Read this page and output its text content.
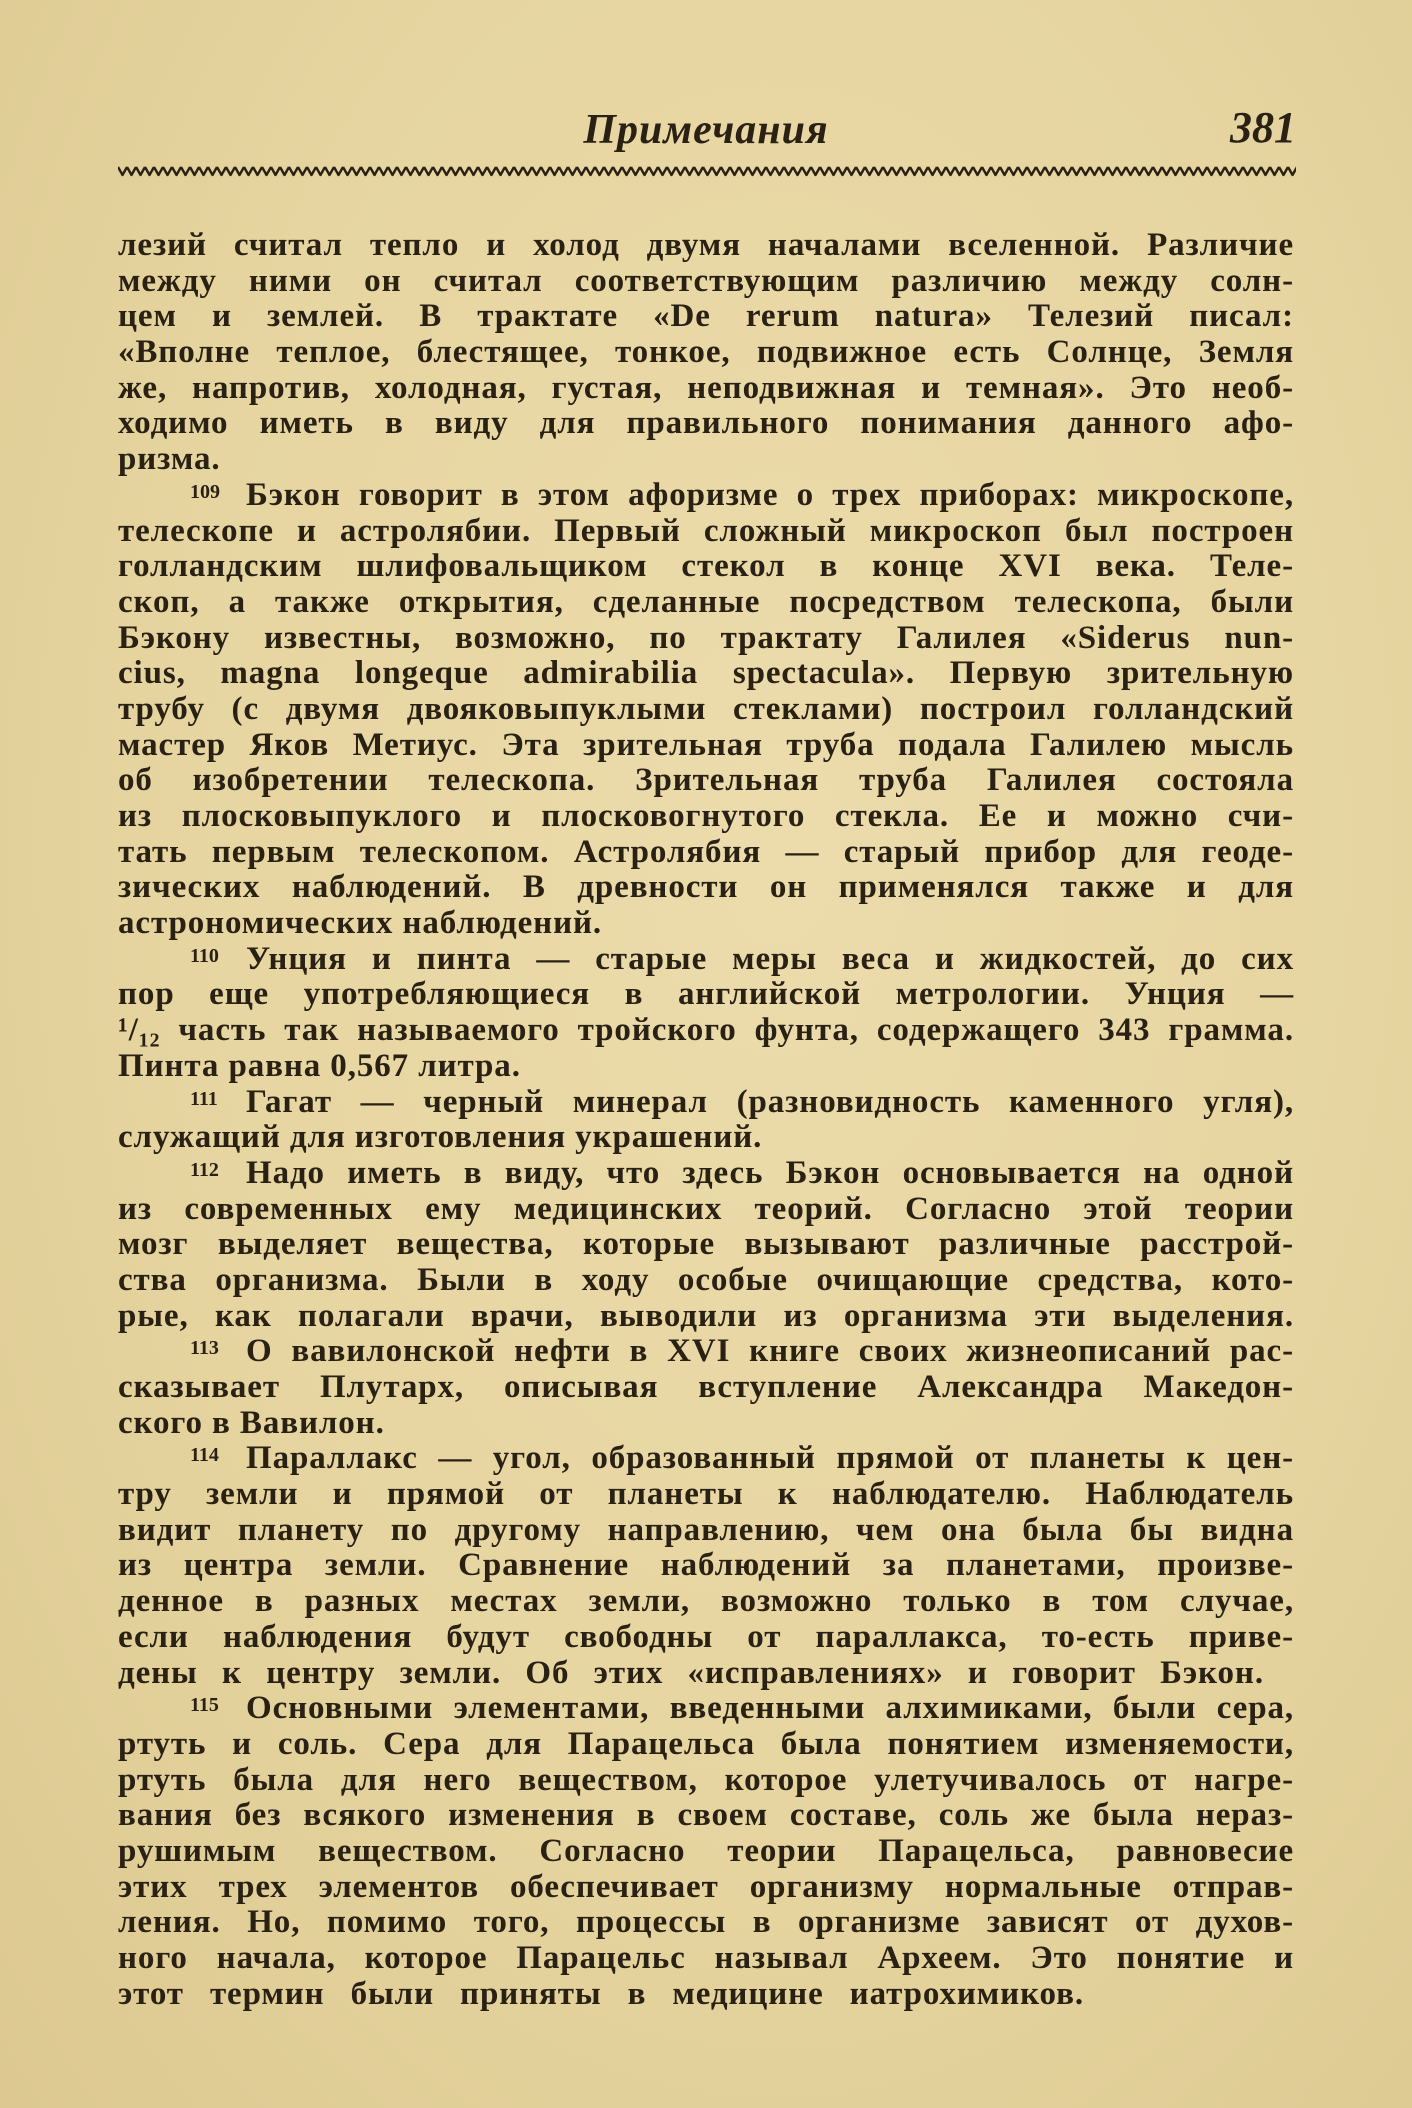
Примечания	381
лезий считал тепло и холод двумя началами вселенной. Различие
между ними он считал соответствующим различию между солн-
цем и землей. В трактате «De rerum natura» Телезий писал:
«Вполне теплое, блестящее, тонкое, подвижное есть Солнце, Земля
же, напротив, холодная, густая, неподвижная и темная». Это необ-
ходимо иметь в виду для правильного понимания данного афо-
ризма.
109 Бэкон говорит в этом афоризме о трех приборах: микроскопе,
телескопе и астролябии. Первый сложный микроскоп был построен
голландским шлифовальщиком стекол в конце XVI века. Теле-
скоп, а также открытия, сделанные посредством телескопа, были
Бэкону известны, возможно, по трактату Галилея «Siderus nun-
cius, magna longeque admirabilia spectacula». Первую зрительную
трубу (с двумя двояковыпуклыми стеклами) построил голландский
мастер Яков Метиус. Эта зрительная труба подала Галилею мысль
об изобретении телескопа. Зрительная труба Галилея состояла
из плосковыпуклого и плосковогнутого стекла. Ее и можно счи-
тать первым телескопом. Астролябия — старый прибор для геоде-
зических наблюдений. В древности он применялся также и для
астрономических наблюдений.
110 Унция и пинта — старые меры веса и жидкостей, до сих
пор еще употребляющиеся в английской метрологии. Унция —
¹/₁₂ часть так называемого тройского фунта, содержащего 343 грамма.
Пинта равна 0,567 литра.
111 Гагат — черный минерал (разновидность каменного угля),
служащий для изготовления украшений.
112 Надо иметь в виду, что здесь Бэкон основывается на одной
из современных ему медицинских теорий. Согласно этой теории
мозг выделяет вещества, которые вызывают различные расстрой-
ства организма. Были в ходу особые очищающие средства, кото-
рые, как полагали врачи, выводили из организма эти выделения.
113 О вавилонской нефти в XVI книге своих жизнеописаний рас-
сказывает Плутарх, описывая вступление Александра Македон-
ского в Вавилон.
114 Параллакс — угол, образованный прямой от планеты к цен-
тру земли и прямой от планеты к наблюдателю. Наблюдатель
видит планету по другому направлению, чем она была бы видна
из центра земли. Сравнение наблюдений за планетами, произве-
денное в разных местах земли, возможно только в том случае,
если наблюдения будут свободны от параллакса, то-есть приве-
дены к центру земли. Об этих «исправлениях» и говорит Бэкон.
115 Основными элементами, введенными алхимиками, были сера,
ртуть и соль. Сера для Парацельса была понятием изменяемости,
ртуть была для него веществом, которое улетучивалось от нагре-
вания без всякого изменения в своем составе, соль же была нераз-
рушимым веществом. Согласно теории Парацельса, равновесие
этих трех элементов обеспечивает организму нормальные отправ-
ления. Но, помимо того, процессы в организме зависят от духов-
ного начала, которое Парацельс называл Археем. Это понятие и
этот термин были приняты в медицине иатрохимиков.
